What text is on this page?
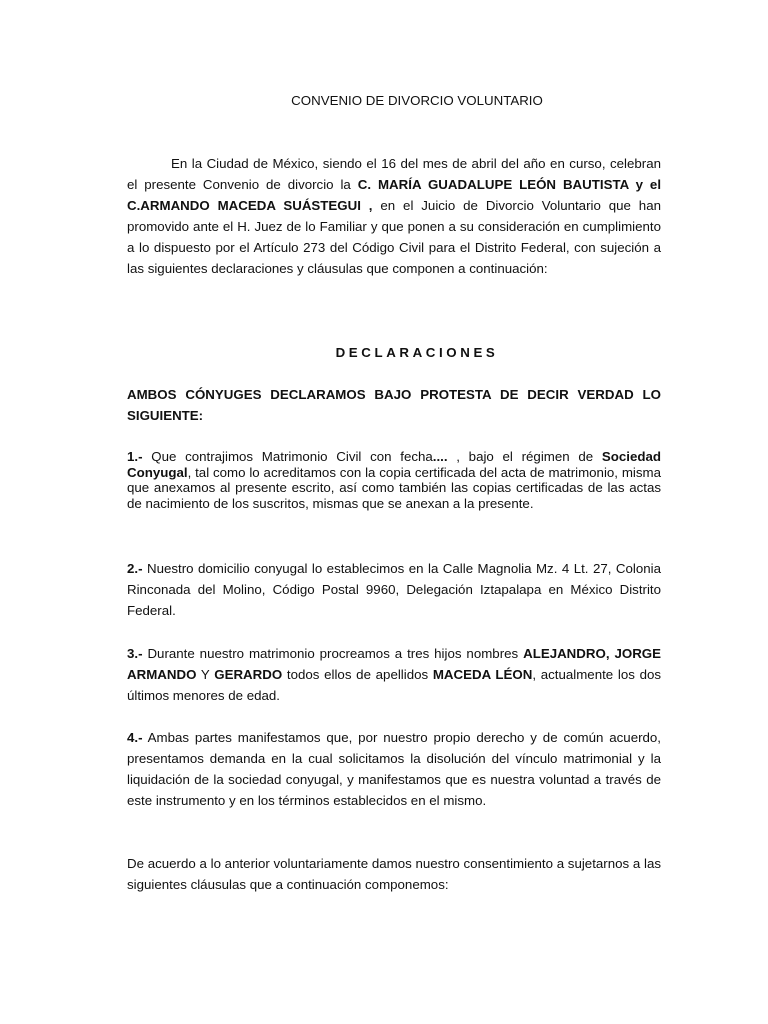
CONVENIO DE DIVORCIO VOLUNTARIO

En la Ciudad de México, siendo el 16 del mes de abril del año en curso, celebran el presente Convenio de divorcio la C. MARÍA GUADALUPE LEÓN BAUTISTA y el C.ARMANDO MACEDA SUÁSTEGUI , en el Juicio de Divorcio Voluntario que han promovido ante el H. Juez de lo Familiar y que ponen a su consideración en cumplimiento a lo dispuesto por el Artículo 273 del Código Civil para el Distrito Federal, con sujeción a las siguientes declaraciones y cláusulas que componen a continuación:

DECLARACIONES

AMBOS CÓNYUGES DECLARAMOS BAJO PROTESTA DE DECIR VERDAD LO SIGUIENTE:

1.- Que contrajimos Matrimonio Civil con fecha.... , bajo el régimen de Sociedad Conyugal, tal como lo acreditamos con la copia certificada del acta de matrimonio, misma que anexamos al presente escrito, así como también las copias certificadas de las actas de nacimiento de los suscritos, mismas que se anexan a la presente.

2.- Nuestro domicilio conyugal lo establecimos en la Calle Magnolia Mz. 4 Lt. 27, Colonia Rinconada del Molino, Código Postal 9960, Delegación Iztapalapa en México Distrito Federal.

3.- Durante nuestro matrimonio procreamos a tres hijos nombres ALEJANDRO, JORGE ARMANDO Y GERARDO todos ellos de apellidos MACEDA LÉON, actualmente los dos últimos menores de edad.

4.- Ambas partes manifestamos que, por nuestro propio derecho y de común acuerdo, presentamos demanda en la cual solicitamos la disolución del vínculo matrimonial y la liquidación de la sociedad conyugal, y manifestamos que es nuestra voluntad a través de este instrumento y en los términos establecidos en el mismo.

De acuerdo a lo anterior voluntariamente damos nuestro consentimiento a sujetarnos a las siguientes cláusulas que a continuación componemos:
